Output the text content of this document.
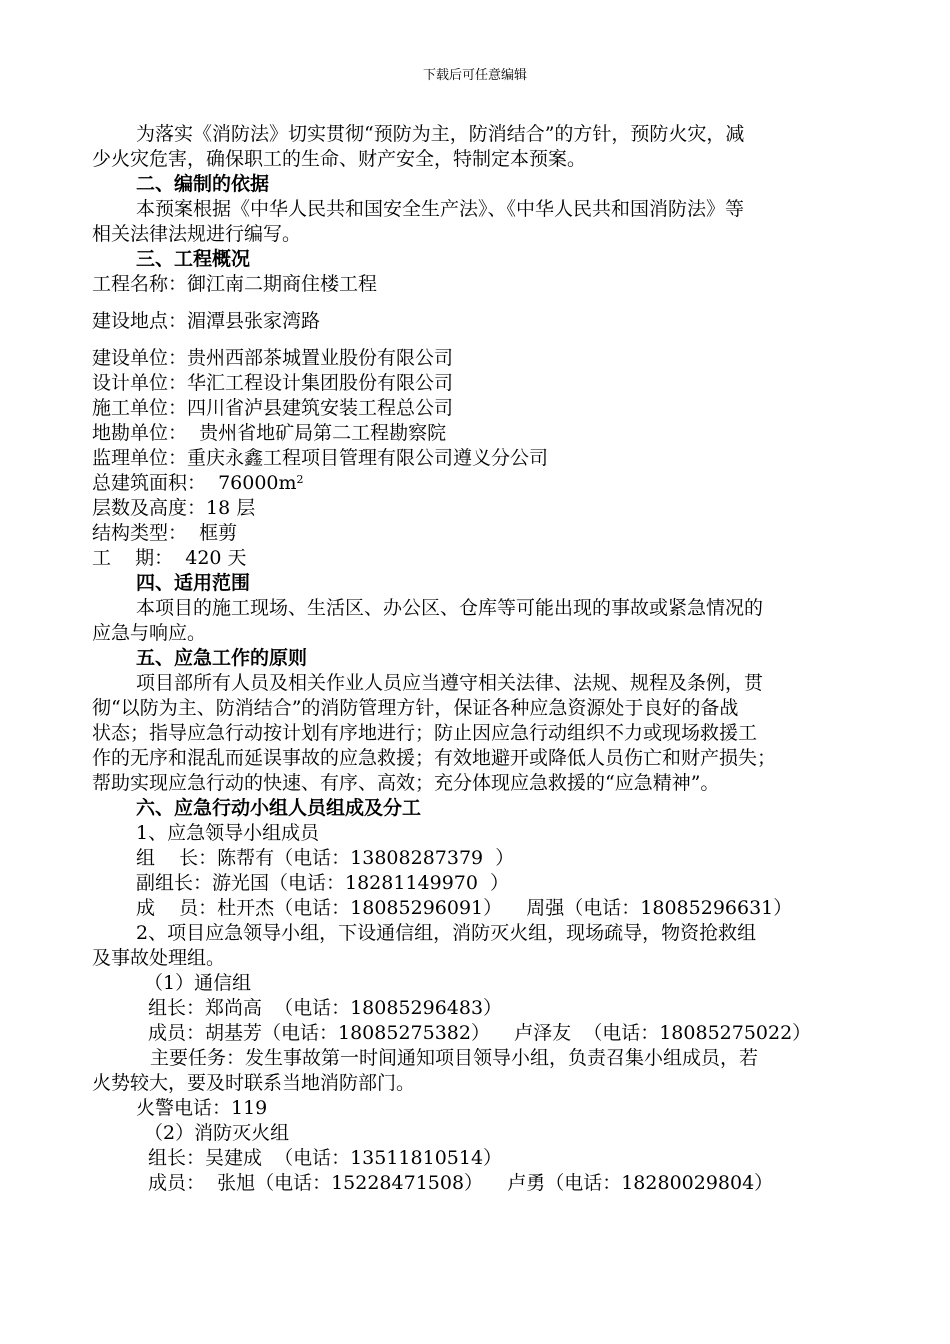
下载后可任意编辑

为落实《消防法》切实贯彻“预防为主，防消结合”的方针，预防火灾，减

少火灾危害，确保职工的生命、财产安全，特制定本预案。

二、编制的依据

本预案根据《中华人民共和国安全生产法》、《中华人民共和国消防法》等

相关法律法规进行编写。

三、工程概况

工程名称：御江南二期商住楼工程

建设地点：湄潭县张家湾路

建设单位：贵州西部茶城置业股份有限公司

设计单位：华汇工程设计集团股份有限公司

施工单位：四川省泸县建筑安装工程总公司

地勘单位：  贵州省地矿局第二工程勘察院

监理单位：重庆永鑫工程项目管理有限公司遵义分公司

总建筑面积：  $76000m^2$

层数及高度：18 层

结构类型：  框剪

工    期：  420 天

四、适用范围

本项目的施工现场、生活区、办公区、仓库等可能出现的事故或紧急情况的

应急与响应。

五、应急工作的原则

项目部所有人员及相关作业人员应当遵守相关法律、法规、规程及条例，贯

彻“以防为主、防消结合”的消防管理方针，保证各种应急资源处于良好的备战

状态；指导应急行动按计划有序地进行；防止因应急行动组织不力或现场救援工

作的无序和混乱而延误事故的应急救援；有效地避开或降低人员伤亡和财产损失；

帮助实现应急行动的快速、有序、高效；充分体现应急救援的“应急精神”。

六、应急行动小组人员组成及分工

1、应急领导小组成员

组    长：陈帮有（电话：13808287379  ）

副组长：游光国（电话：18281149970  ）

成    员：杜开杰（电话：18085296091）    周强（电话：18085296631）

2、项目应急领导小组，下设通信组，消防灭火组，现场疏导，物资抢救组

及事故处理组。

（1）通信组

组长：郑尚高  （电话：18085296483）

成员：胡基芳（电话：18085275382）    卢泽友  （电话：18085275022）

主要任务：发生事故第一时间通知项目领导小组，负责召集小组成员，若

火势较大，要及时联系当地消防部门。

火警电话：119

（2）消防灭火组

组长：吴建成  （电话：13511810514）

成员：  张旭（电话：15228471508）    卢勇（电话：18280029804）
